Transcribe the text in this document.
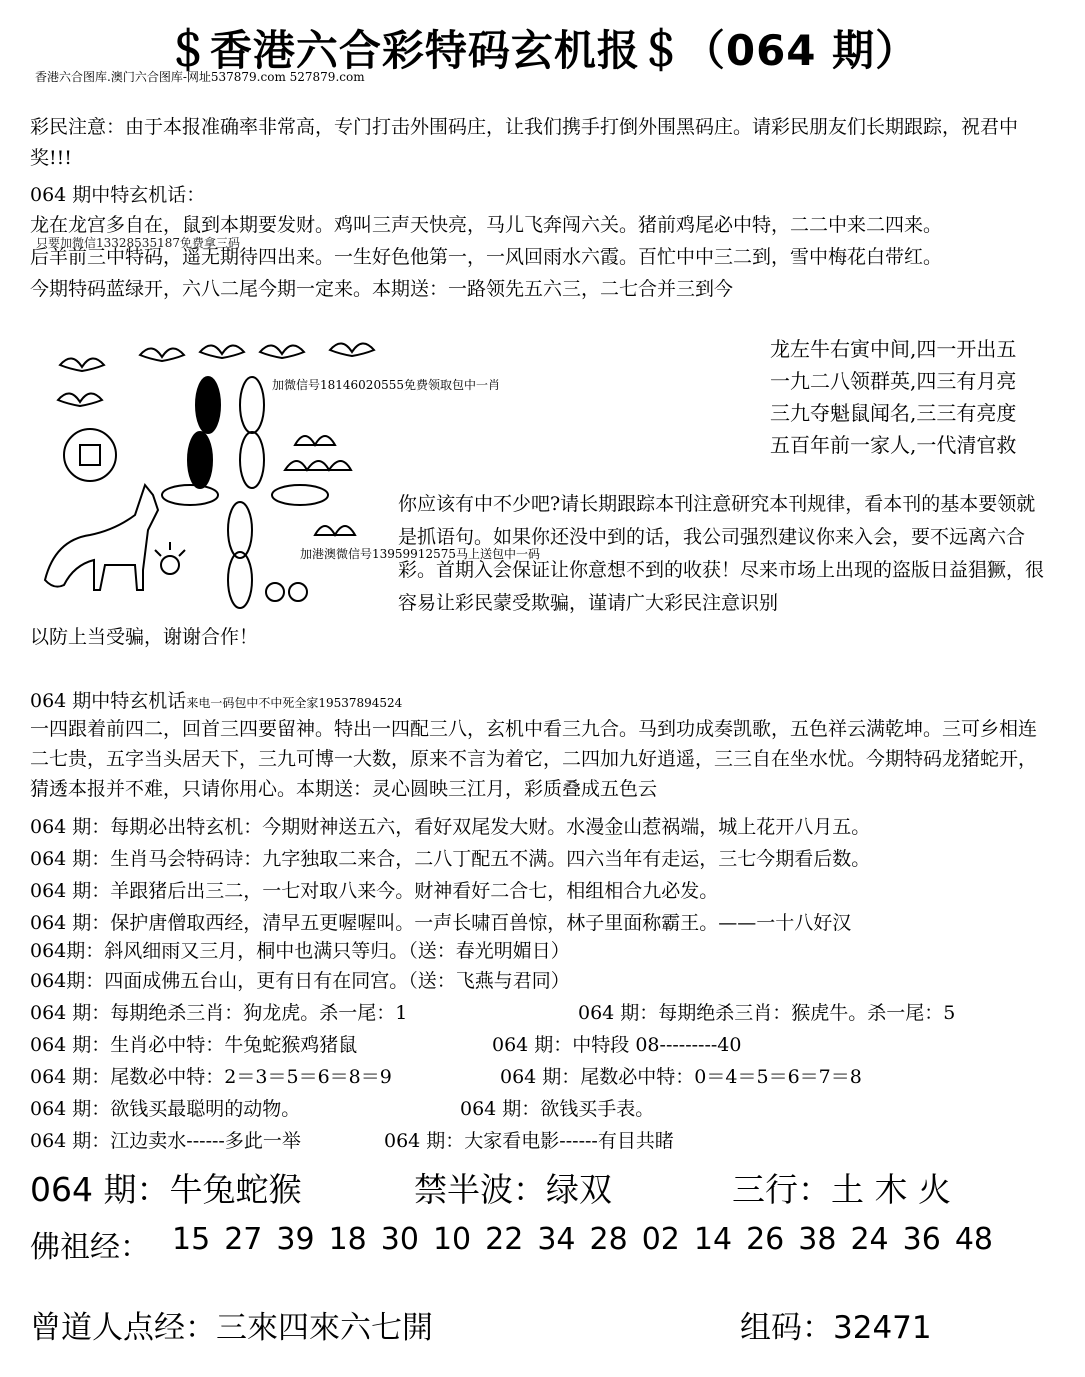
＄香港六合彩特码玄机报＄（064 期）
香港六合图库.澳门六合图库-网址537879.com 527879.com
彩民注意：由于本报准确率非常高，专门打击外围码庄，让我们携手打倒外围黑码庄。请彩民朋友们长期跟踪，祝君中奖!!!
064 期中特玄机话：
龙在龙宫多自在，鼠到本期要发财。鸡叫三声天快亮，马儿飞奔闯六关。猪前鸡尾必中特，二二中来二四来。
只要加微信13328535187免费拿三码
后羊前三中特码，遥无期待四出来。一生好色他第一，一风回雨水六霞。百忙中中三二到，雪中梅花白带红。
今期特码蓝绿开，六八二尾今期一定来。本期送：一路领先五六三，二七合并三到今
加微信号18146020555免费领取包中一肖
加港澳微信号13959912575马上送包中一码
龙左牛右寅中间,四一开出五
一九二八领群英,四三有月亮
三九夺魁鼠闻名,三三有亮度
五百年前一家人,一代清官救
你应该有中不少吧?请长期跟踪本刊注意研究本刊规律，看本刊的基本要领就是抓语句。如果你还没中到的话，我公司强烈建议你来入会，要不远离六合彩。首期入会保证让你意想不到的收获！尽来市场上出现的盗版日益猖獗，很容易让彩民蒙受欺骗，谨请广大彩民注意识别
以防上当受骗，谢谢合作！
064 期中特玄机话来电一码包中不中死全家19537894524
一四跟着前四二，回首三四要留神。特出一四配三八，玄机中看三九合。马到功成奏凯歌，五色祥云满乾坤。三可乡相连二七贵，五字当头居天下，三九可博一大数，原来不言为着它，二四加九好逍遥，三三自在坐水忧。今期特码龙猪蛇开，猜透本报并不难，只请你用心。本期送：灵心圆映三江月，彩质叠成五色云
064 期：每期必出特玄机：今期财神送五六，看好双尾发大财。水漫金山惹祸端，城上花开八月五。
064 期：生肖马会特码诗：九字独取二来合，二八丁配五不满。四六当年有走运，三七今期看后数。
064 期：羊跟猪后出三二，一七对取八来今。财神看好二合七，相组相合九必发。
064 期：保护唐僧取西经，清早五更喔喔叫。一声长啸百兽惊，林子里面称霸王。——一十八好汉
064期：斜风细雨又三月，桐中也满只等归。（送：春光明媚日）
064期：四面成佛五台山，更有日有在同宫。（送：飞燕与君同）
064 期：每期绝杀三肖：狗龙虎。杀一尾：1	064 期：每期绝杀三肖：猴虎牛。杀一尾：5
064 期：生肖必中特：牛兔蛇猴鸡猪鼠	064 期：中特段 08---------40
064 期：尾数必中特：2＝3＝5＝6＝8＝9	064 期：尾数必中特：0＝4＝5＝6＝7＝8
064 期：欲钱买最聪明的动物。	064 期：欲钱买手表。
064 期：江边卖水------多此一举	064 期：大家看电影------有目共睹
064 期：牛兔蛇猴	禁半波：绿双	三行：土 木 火
佛祖经： 15 27 39 18 30 10 22 34 28 02 14 26 38 24 36 48
曾道人点经：三來四來六七開	组码：32471
